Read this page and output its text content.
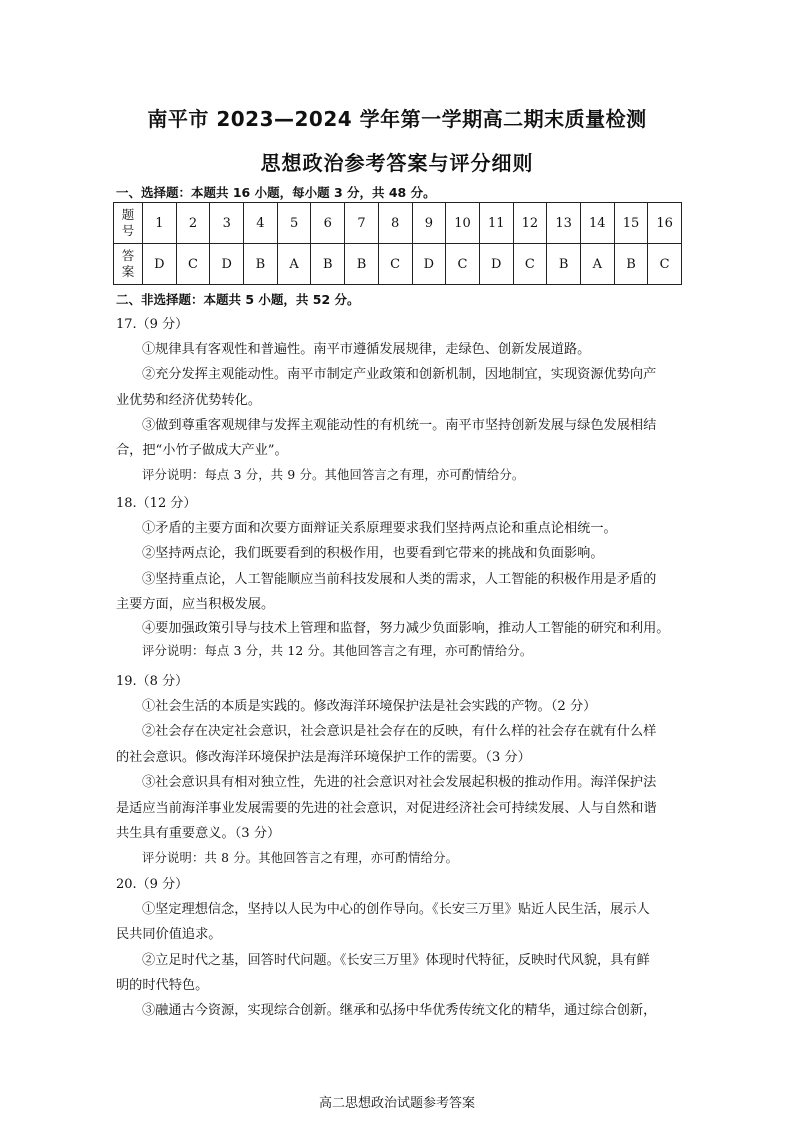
南平市 2023—2024 学年第一学期高二期末质量检测
思想政治参考答案与评分细则
一、选择题：本题共 16 小题，每小题 3 分，共 48 分。
题
号	1	2	3	4	5	6	7	8	9	10	11	12	13	14	15	16
答
案	D	C	D	B	A	B	B	C	D	C	D	C	B	A	B	C
二、非选择题：本题共 5 小题，共 52 分。
17.（9 分）
①规律具有客观性和普遍性。南平市遵循发展规律，走绿色、创新发展道路。
②充分发挥主观能动性。南平市制定产业政策和创新机制，因地制宜，实现资源优势向产
业优势和经济优势转化。
③做到尊重客观规律与发挥主观能动性的有机统一。南平市坚持创新发展与绿色发展相结
合，把“小竹子做成大产业”。
评分说明：每点 3 分，共 9 分。其他回答言之有理，亦可酌情给分。
18.（12 分）
①矛盾的主要方面和次要方面辩证关系原理要求我们坚持两点论和重点论相统一。
②坚持两点论，我们既要看到的积极作用，也要看到它带来的挑战和负面影响。
③坚持重点论，人工智能顺应当前科技发展和人类的需求，人工智能的积极作用是矛盾的
主要方面，应当积极发展。
④要加强政策引导与技术上管理和监督，努力减少负面影响，推动人工智能的研究和利用。
评分说明：每点 3 分，共 12 分。其他回答言之有理，亦可酌情给分。
19.（8 分）
①社会生活的本质是实践的。修改海洋环境保护法是社会实践的产物。（2 分）
②社会存在决定社会意识，社会意识是社会存在的反映，有什么样的社会存在就有什么样
的社会意识。修改海洋环境保护法是海洋环境保护工作的需要。（3 分）
③社会意识具有相对独立性，先进的社会意识对社会发展起积极的推动作用。海洋保护法
是适应当前海洋事业发展需要的先进的社会意识，对促进经济社会可持续发展、人与自然和谐
共生具有重要意义。（3 分）
评分说明：共 8 分。其他回答言之有理，亦可酌情给分。
20.（9 分）
①坚定理想信念，坚持以人民为中心的创作导向。《长安三万里》贴近人民生活，展示人
民共同价值追求。
②立足时代之基，回答时代问题。《长安三万里》体现时代特征，反映时代风貌，具有鲜
明的时代特色。
③融通古今资源，实现综合创新。继承和弘扬中华优秀传统文化的精华，通过综合创新，
高二思想政治试题参考答案
